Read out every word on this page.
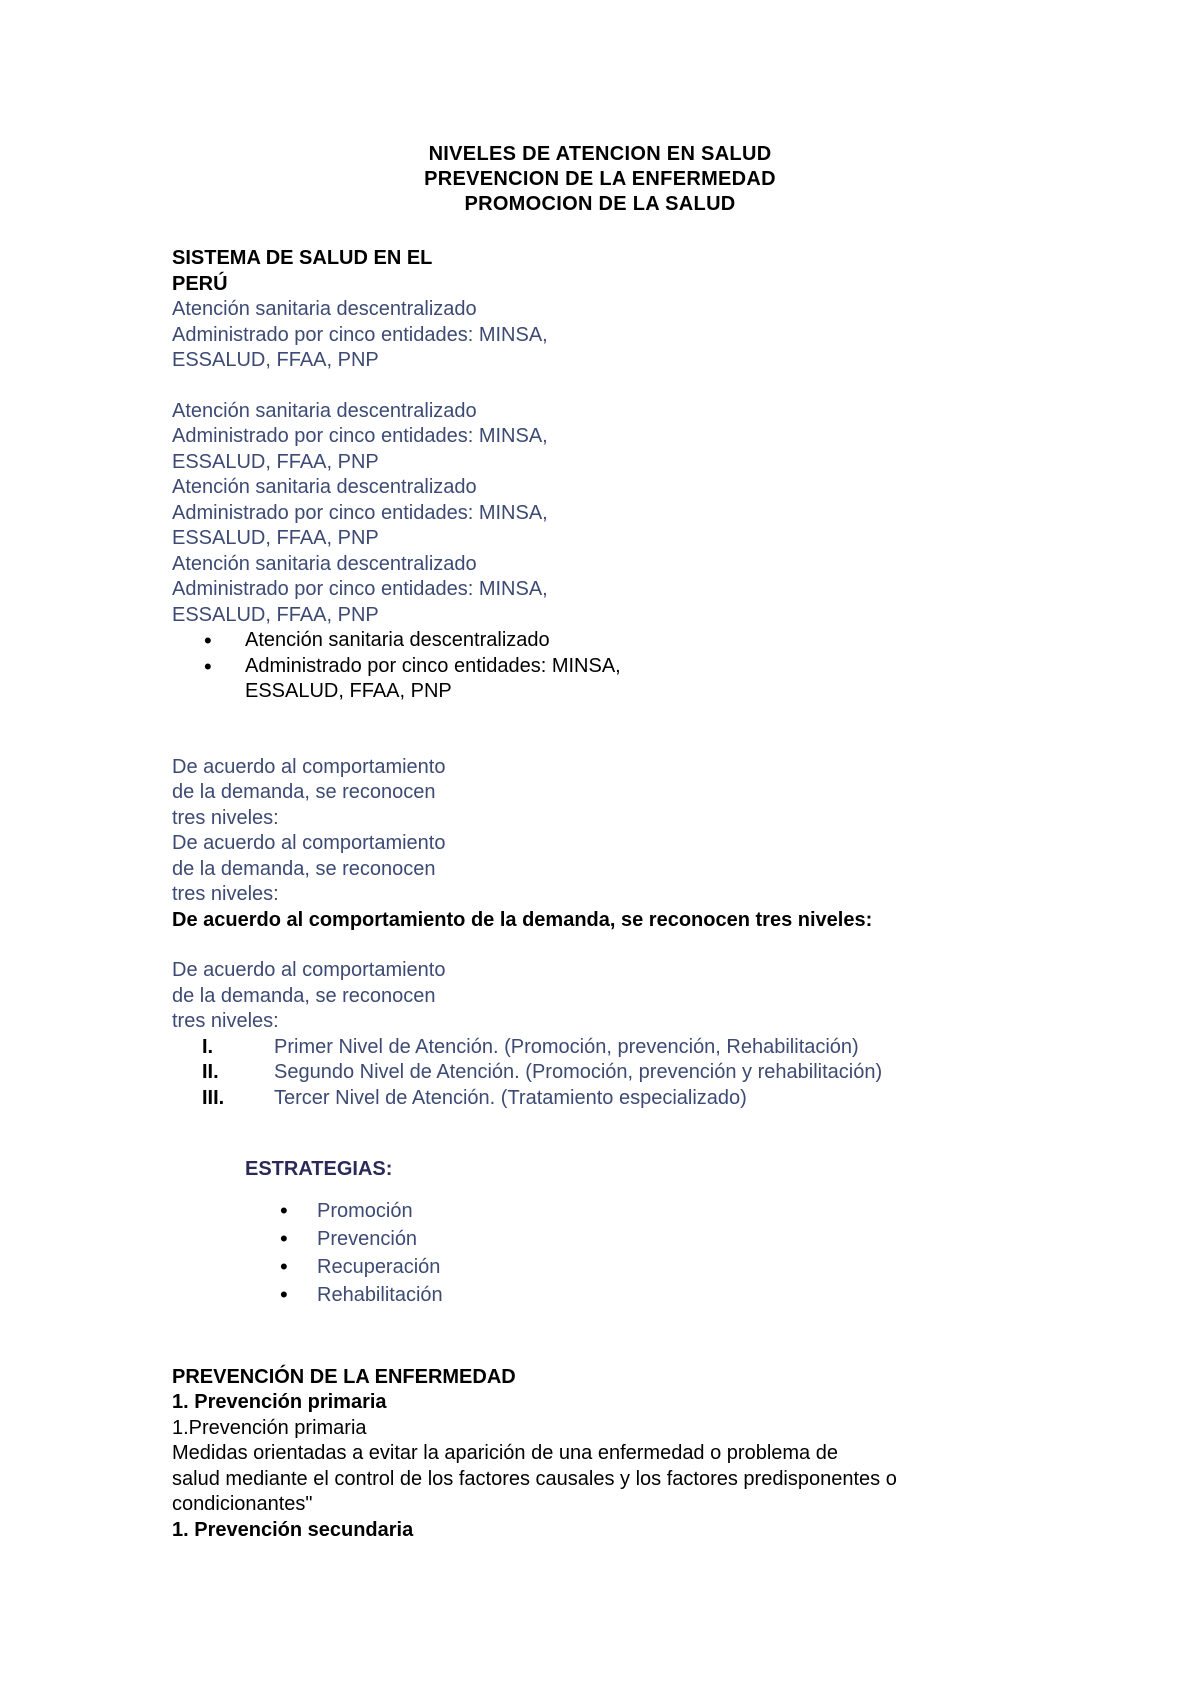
NIVELES DE ATENCION EN SALUD
PREVENCION DE LA ENFERMEDAD
PROMOCION DE LA SALUD
SISTEMA DE SALUD EN EL
PERÚ
Atención sanitaria descentralizado
Administrado por cinco entidades: MINSA,
ESSALUD, FFAA, PNP
Atención sanitaria descentralizado
Administrado por cinco entidades: MINSA,
ESSALUD, FFAA, PNP
Atención sanitaria descentralizado
Administrado por cinco entidades: MINSA,
ESSALUD, FFAA, PNP
Atención sanitaria descentralizado
Administrado por cinco entidades: MINSA,
ESSALUD, FFAA, PNP
• Atención sanitaria descentralizado
• Administrado por cinco entidades: MINSA,
ESSALUD, FFAA, PNP
De acuerdo al comportamiento
de la demanda, se reconocen
tres niveles:
De acuerdo al comportamiento
de la demanda, se reconocen
tres niveles:
De acuerdo al comportamiento de la demanda, se reconocen tres niveles:
De acuerdo al comportamiento
de la demanda, se reconocen
tres niveles:
I.	Primer Nivel de Atención. (Promoción, prevención, Rehabilitación)
II.	Segundo Nivel de Atención. (Promoción, prevención y rehabilitación)
III. Tercer Nivel de Atención. (Tratamiento especializado)
ESTRATEGIAS:
• Promoción
• Prevención
• Recuperación
• Rehabilitación
PREVENCIÓN DE LA ENFERMEDAD
1. Prevención primaria
1.Prevención primaria
Medidas orientadas a evitar la aparición de una enfermedad o problema de
salud mediante el control de los factores causales y los factores predisponentes o
condicionantes"
1. Prevención secundaria
